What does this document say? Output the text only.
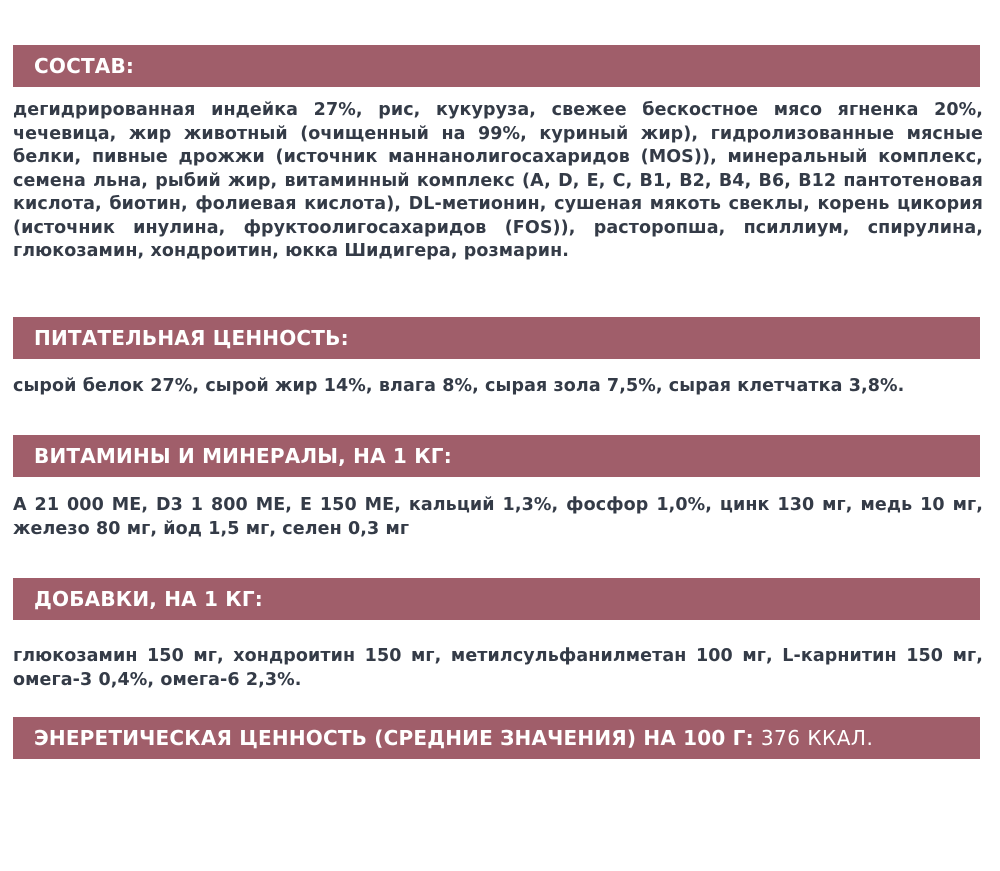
СОСТАВ:
дегидрированная индейка 27%, рис, кукуруза, свежее бескостное мясо ягненка 20%, чечевица, жир животный (очищенный на 99%, куриный жир), гидролизованные мясные белки, пивные дрожжи (источник маннанолигосахаридов (MOS)), минеральный комплекс, семена льна, рыбий жир, витаминный комплекс (A, D, E, C, B1, B2, B4, B6, B12 пантотеновая кислота, биотин, фолиевая кислота), DL-метионин, сушеная мякоть свеклы, корень цикория (источник инулина, фруктоолигосахаридов (FOS)), расторопша, псиллиум, спирулина, глюкозамин, хондроитин, юкка Шидигера, розмарин.
ПИТАТЕЛЬНАЯ ЦЕННОСТЬ:
сырой белок 27%, сырой жир 14%, влага 8%, сырая зола 7,5%, сырая клетчатка 3,8%.
ВИТАМИНЫ И МИНЕРАЛЫ, НА 1 КГ:
А 21 000 МЕ, D3 1 800 МЕ, Е 150 МЕ, кальций 1,3%, фосфор 1,0%, цинк 130 мг, медь 10 мг, железо 80 мг, йод 1,5 мг, селен 0,3 мг
ДОБАВКИ, НА 1 КГ:
глюкозамин 150 мг, хондроитин 150 мг, метилсульфанилметан 100 мг, L-карнитин 150 мг, омега-3 0,4%, омега-6 2,3%.
ЭНЕРЕТИЧЕСКАЯ ЦЕННОСТЬ (СРЕДНИЕ ЗНАЧЕНИЯ) НА 100 Г: 376 ККАЛ.
